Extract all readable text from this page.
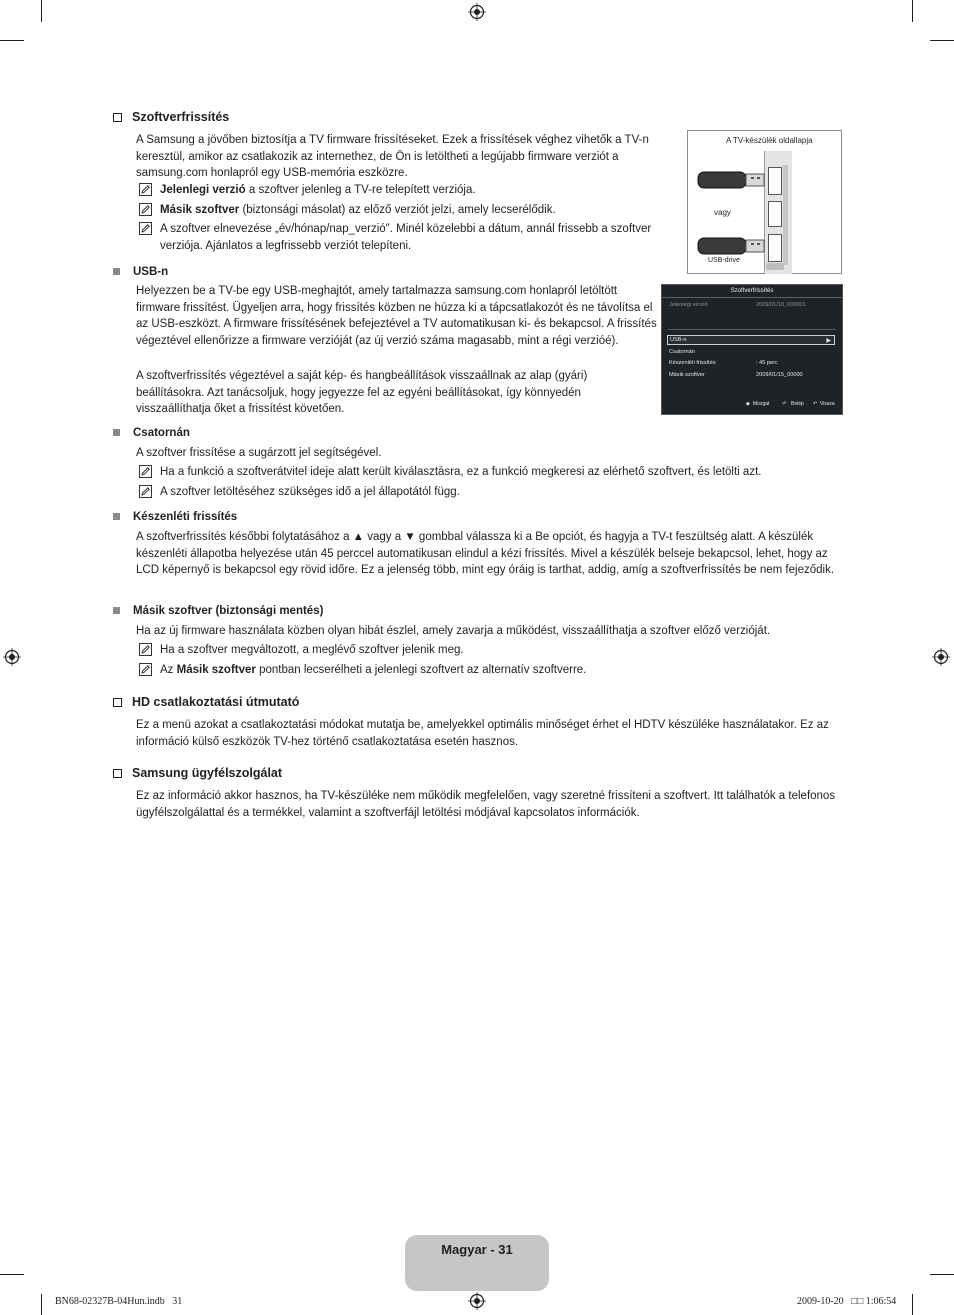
Szoftverfrissítés
A Samsung a jövőben biztosítja a TV firmware frissítéseket. Ezek a frissítések véghez vihetők a TV-n keresztül, amikor az csatlakozik az internethez, de Ön is letöltheti a legújabb firmware verziót a samsung.com honlapról egy USB-memória eszközre.
Jelenlegi verzió a szoftver jelenleg a TV-re telepített verziója.
Másik szoftver (biztonsági másolat) az előző verziót jelzi, amely lecserélődik.
A szoftver elnevezése „év/hónap/nap_verzió". Minél közelebbi a dátum, annál frissebb a szoftver verziója. Ajánlatos a legfrissebb verziót telepíteni.
A TV-készülék oldallapja
vagy
USB-drive
USB-n
Helyezzen be a TV-be egy USB-meghajtót, amely tartalmazza samsung.com honlapról letöltött firmware frissítést. Ügyeljen arra, hogy frissítés közben ne húzza ki a tápcsatlakozót és ne távolítsa el az USB-eszközt. A firmware frissítésének befejeztével a TV automatikusan ki- és bekapcsol. A frissítés végeztével ellenőrizze a firmware verzióját (az új verzió száma magasabb, mint a régi verzióé).
A szoftverfrissítés végeztével a saját kép- és hangbeállítások visszaállnak az alap (gyári) beállításokra. Azt tanácsoljuk, hogy jegyezze fel az egyéni beállításokat, így könnyedén visszaállíthatja őket a frissítést követően.
Szoftverfrissítés
Jelenlegi verzió	2009/01/18_000001
USB-n	▶
Csatornán
Készenléti frissítés	: 45 perc
Másik szoftver	2009/01/15_00000
◆ Mozgat	⏎ Belép ↶ Vissza
Csatornán
A szoftver frissítése a sugárzott jel segítségével.
Ha a funkció a szoftverátvitel ideje alatt került kiválasztásra, ez a funkció megkeresi az elérhető szoftvert, és letölti azt.
A szoftver letöltéséhez szükséges idő a jel állapotától függ.
Készenléti frissítés
A szoftverfrissítés későbbi folytatásához a ▲ vagy a ▼ gombbal válassza ki a Be opciót, és hagyja a TV-t feszültség alatt. A készülék készenléti állapotba helyezése után 45 perccel automatikusan elindul a kézi frissítés. Mivel a készülék belseje bekapcsol, lehet, hogy az LCD képernyő is bekapcsol egy rövid időre. Ez a jelenség több, mint egy óráig is tarthat, addig, amíg a szoftverfrissítés be nem fejeződik.
Másik szoftver (biztonsági mentés)
Ha az új firmware használata közben olyan hibát észlel, amely zavarja a működést, visszaállíthatja a szoftver előző verzióját.
Ha a szoftver megváltozott, a meglévő szoftver jelenik meg.
Az Másik szoftver pontban lecserélheti a jelenlegi szoftvert az alternatív szoftverre.
HD csatlakoztatási útmutató
Ez a menü azokat a csatlakoztatási módokat mutatja be, amelyekkel optimális minőséget érhet el HDTV készüléke használatakor. Ez az információ külső eszközök TV-hez történő csatlakoztatása esetén hasznos.
Samsung ügyfélszolgálat
Ez az információ akkor hasznos, ha TV-készüléke nem működik megfelelően, vagy szeretné frissíteni a szoftvert. Itt találhatók a telefonos ügyfélszolgálattal és a termékkel, valamint a szoftverfájl letöltési módjával kapcsolatos információk.
Magyar - 31
BN68-02327B-04Hun.indb   31	2009-10-20   □□ 1:06:54
